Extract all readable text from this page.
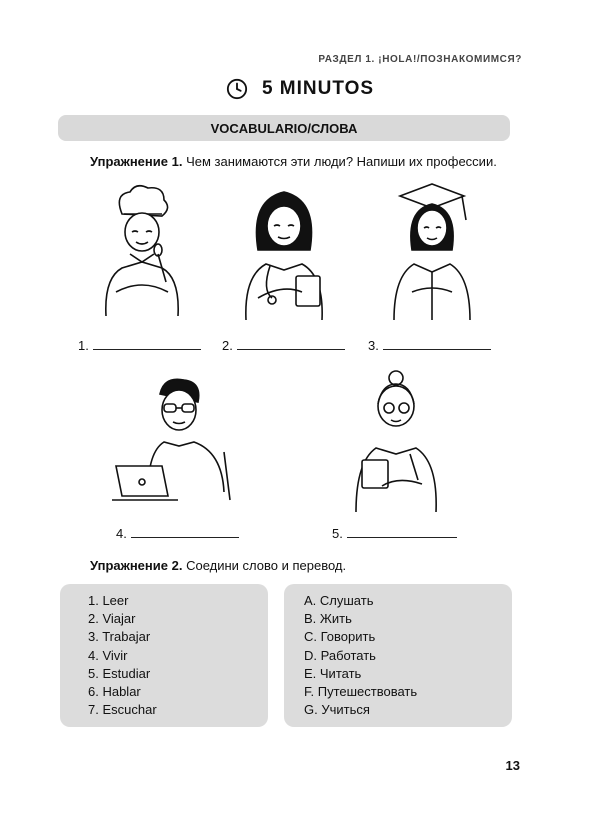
РАЗДЕЛ 1. ¡HOLA!/ПОЗНАКОМИМСЯ?
5 MINUTOS
VOCABULARIO/СЛОВА
Упражнение 1. Чем занимаются эти люди? Напиши их профессии.
1.	2.	3.
4.	5.
Упражнение 2. Соедини слово и перевод.
1. Leer
2. Viajar
3. Trabajar
4. Vivir
5. Estudiar
6. Hablar
7. Escuchar
A. Слушать
B. Жить
C. Говорить
D. Работать
E. Читать
F. Путешествовать
G. Учиться
13
